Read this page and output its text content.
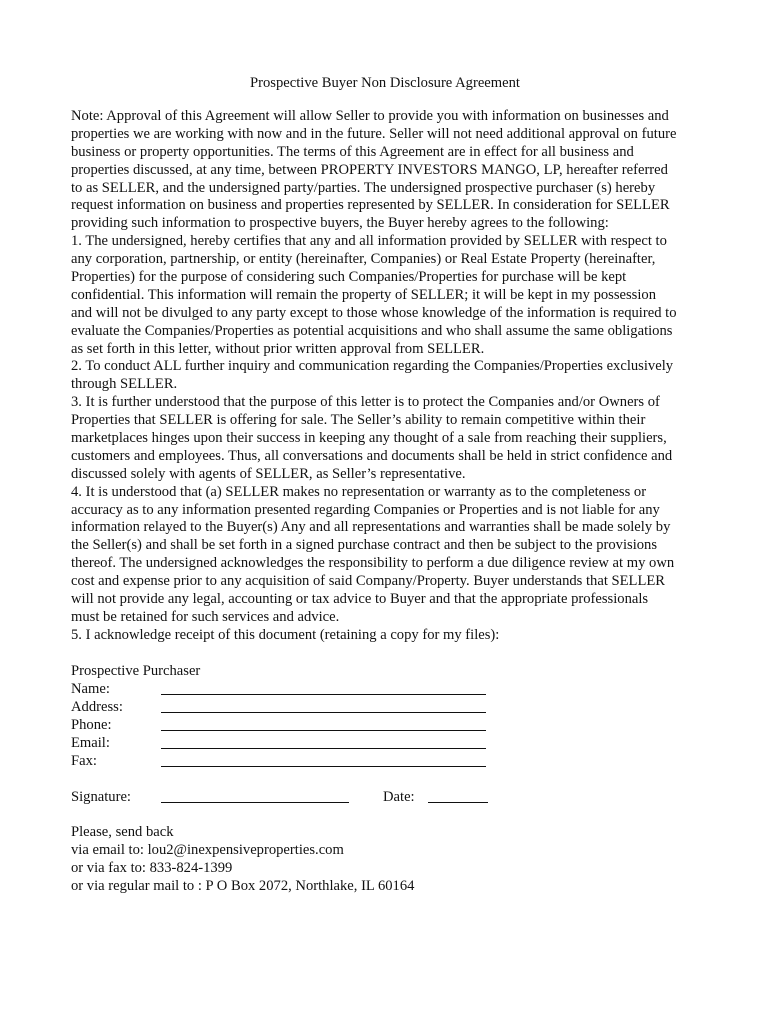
Prospective Buyer Non Disclosure Agreement
Note: Approval of this Agreement will allow Seller to provide you with information on businesses and
properties we are working with now and in the future. Seller will not need additional approval on future
business or property opportunities. The terms of this Agreement are in effect for all business and
properties discussed, at any time, between PROPERTY INVESTORS MANGO, LP, hereafter referred
to as SELLER, and the undersigned party/parties. The undersigned prospective purchaser (s) hereby
request information on business and properties represented by SELLER. In consideration for SELLER
providing such information to prospective buyers, the Buyer hereby agrees to the following:
1. The undersigned, hereby certifies that any and all information provided by SELLER with respect to
any corporation, partnership, or entity (hereinafter, Companies) or Real Estate Property (hereinafter,
Properties) for the purpose of considering such Companies/Properties for purchase will be kept
confidential. This information will remain the property of SELLER; it will be kept in my possession
and will not be divulged to any party except to those whose knowledge of the information is required to
evaluate the Companies/Properties as potential acquisitions and who shall assume the same obligations
as set forth in this letter, without prior written approval from SELLER.
2. To conduct ALL further inquiry and communication regarding the Companies/Properties exclusively
through SELLER.
3. It is further understood that the purpose of this letter is to protect the Companies and/or Owners of
Properties that SELLER is offering for sale. The Seller’s ability to remain competitive within their
marketplaces hinges upon their success in keeping any thought of a sale from reaching their suppliers,
customers and employees. Thus, all conversations and documents shall be held in strict confidence and
discussed solely with agents of SELLER, as Seller’s representative.
4. It is understood that (a) SELLER makes no representation or warranty as to the completeness or
accuracy as to any information presented regarding Companies or Properties and is not liable for any
information relayed to the Buyer(s) Any and all representations and warranties shall be made solely by
the Seller(s) and shall be set forth in a signed purchase contract and then be subject to the provisions
thereof. The undersigned acknowledges the responsibility to perform a due diligence review at my own
cost and expense prior to any acquisition of said Company/Property. Buyer understands that SELLER
will not provide any legal, accounting or tax advice to Buyer and that the appropriate professionals
must be retained for such services and advice.
5. I acknowledge receipt of this document (retaining a copy for my files):
Prospective Purchaser
Name:
Address:
Phone:
Email:
Fax:
Signature:	Date:
Please, send back
via email to: lou2@inexpensiveproperties.com
or via fax to: 833-824-1399
or via regular mail to : P O Box 2072, Northlake, IL 60164
